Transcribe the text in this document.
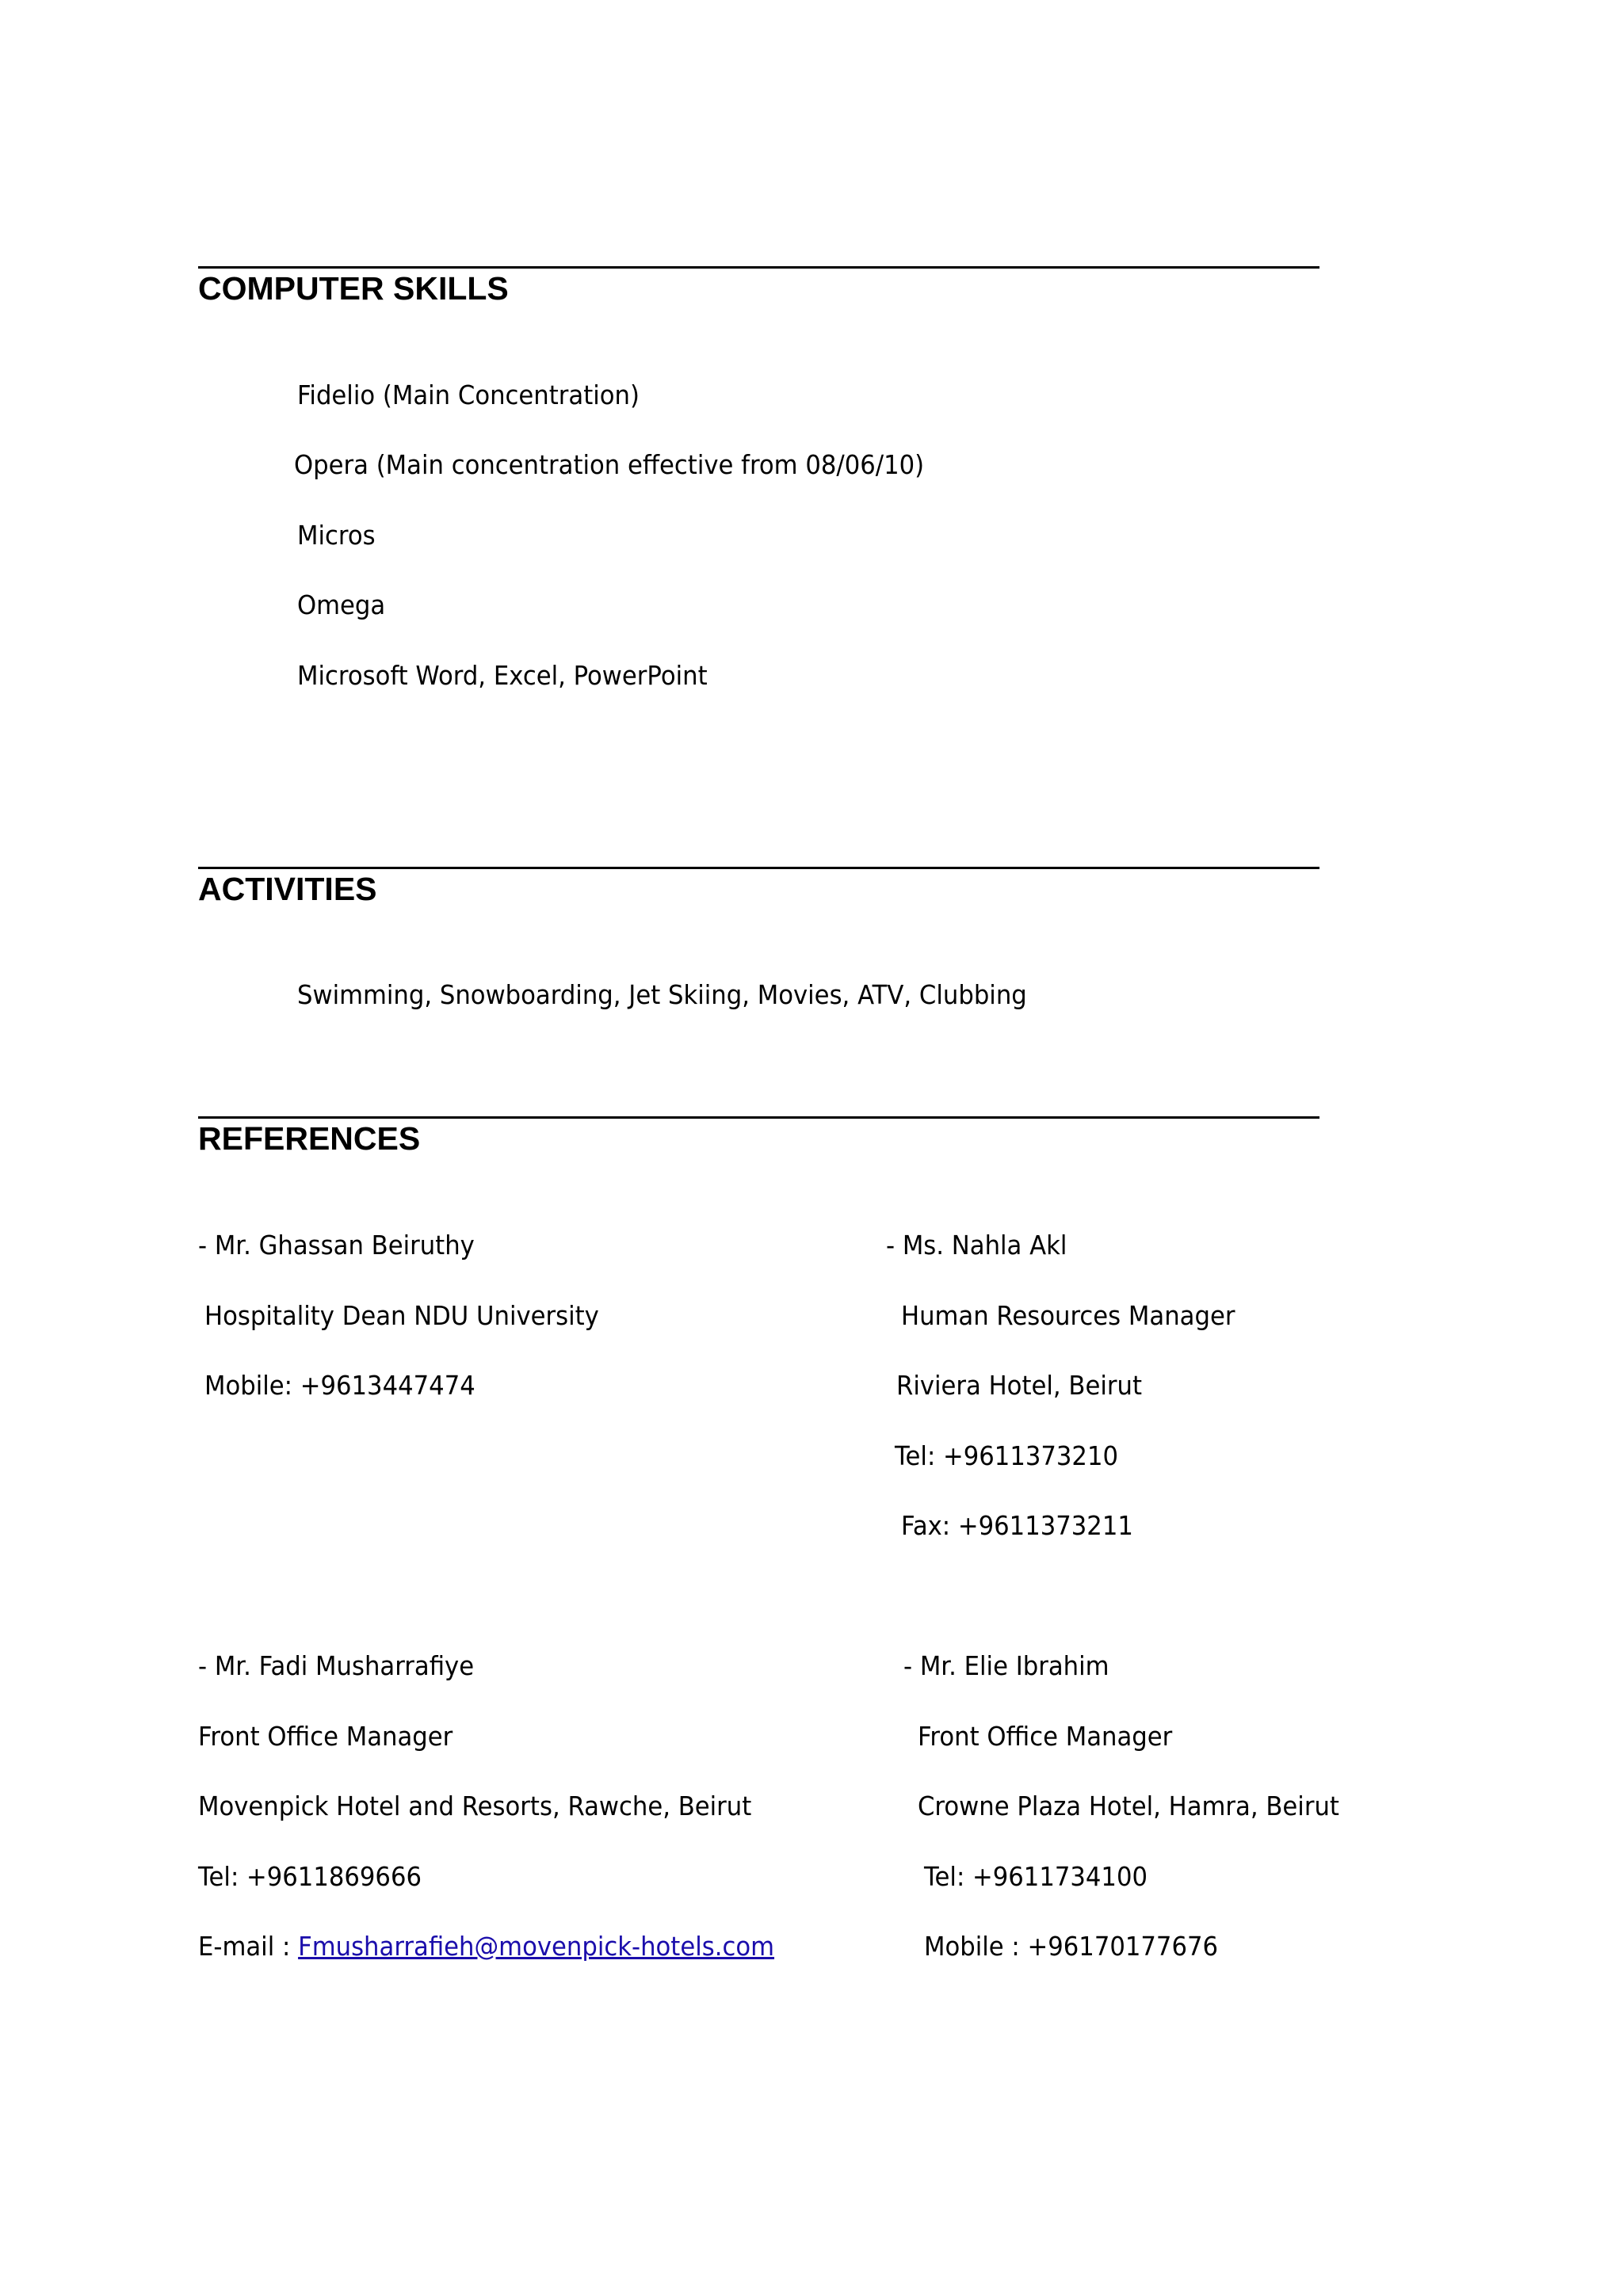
COMPUTER SKILLS

Fidelio (Main Concentration)

Opera (Main concentration effective from 08/06/10)

Micros

Omega

Microsoft Word, Excel, PowerPoint

ACTIVITIES

Swimming, Snowboarding, Jet Skiing, Movies, ATV, Clubbing

REFERENCES

- Mr. Ghassan Beiruthy

Hospitality Dean NDU University

Mobile: +9613447474

- Ms. Nahla Akl

Human Resources Manager

Riviera Hotel, Beirut

Tel: +9611373210

Fax: +9611373211

- Mr. Fadi Musharrafiye

Front Office Manager

Movenpick Hotel and Resorts, Rawche, Beirut

Tel: +9611869666

E-mail : Fmusharrafieh@movenpick-hotels.com

- Mr. Elie Ibrahim

Front Office Manager

Crowne Plaza Hotel, Hamra, Beirut

Tel: +9611734100

Mobile : +96170177676
